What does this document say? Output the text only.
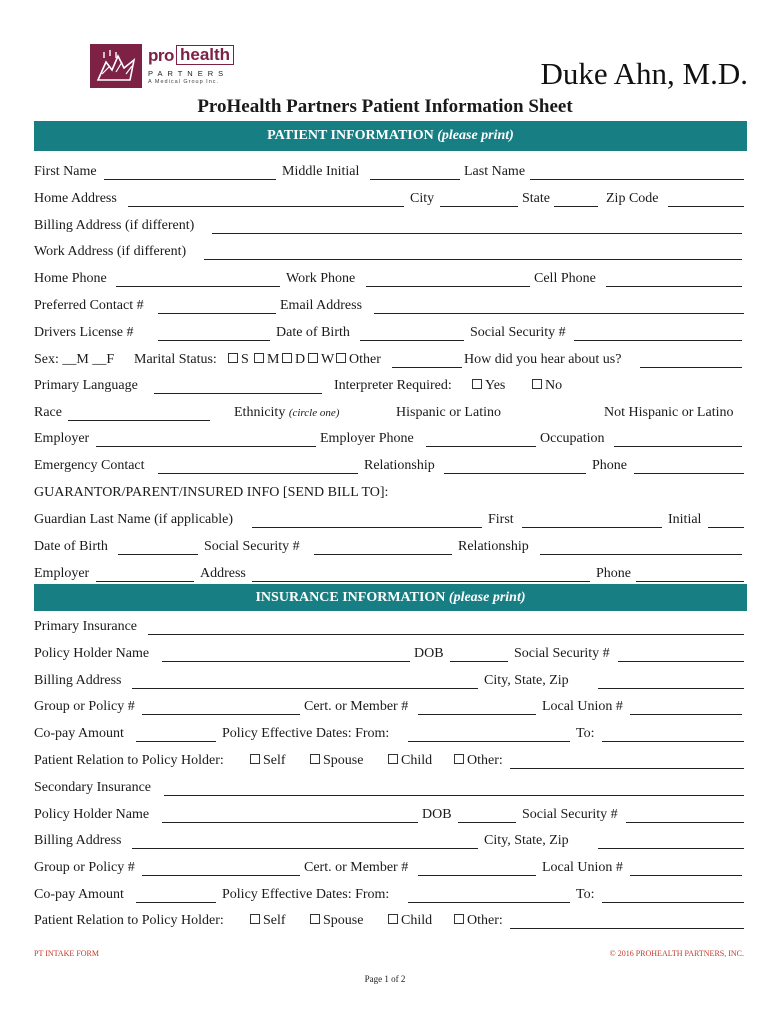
pro health
PARTNERS
A Medical Group Inc.	Duke Ahn, M.D.
ProHealth Partners Patient Information Sheet
PATIENT INFORMATION (please print)
First Name	Middle Initial	Last Name
Home Address	City	State	Zip Code
Billing Address (if different)
Work Address (if different)
Home Phone	Work Phone	Cell Phone
Preferred Contact #	Email Address
Drivers License #	Date of Birth	Social Security #
Sex: __M __F Marital Status:	S	M	D	W	Other	How did you hear about us?
Primary Language	Interpreter Required:	Yes	No
Race	Ethnicity (circle one)	Hispanic or Latino	Not Hispanic or Latino
Employer	Employer Phone	Occupation
Emergency Contact	Relationship	Phone
GUARANTOR/PARENT/INSURED INFO [SEND BILL TO]:
Guardian Last Name (if applicable)	First	Initial
Date of Birth	Social Security #	Relationship
Employer	Address	Phone
INSURANCE INFORMATION (please print)
Primary Insurance
Policy Holder Name	DOB	Social Security #
Billing Address	City, State, Zip
Group or Policy #	Cert. or Member #	Local Union #
Co-pay Amount	Policy Effective Dates: From:	To:
Patient Relation to Policy Holder:	Self	Spouse	Child	Other:
Secondary Insurance
Policy Holder Name	DOB	Social Security #
Billing Address	City, State, Zip
Group or Policy #	Cert. or Member #	Local Union #
Co-pay Amount	Policy Effective Dates: From:	To:
Patient Relation to Policy Holder:	Self	Spouse	Child	Other:
PT INTAKE FORM	© 2016 PROHEALTH PARTNERS, INC.
Page 1 of 2
